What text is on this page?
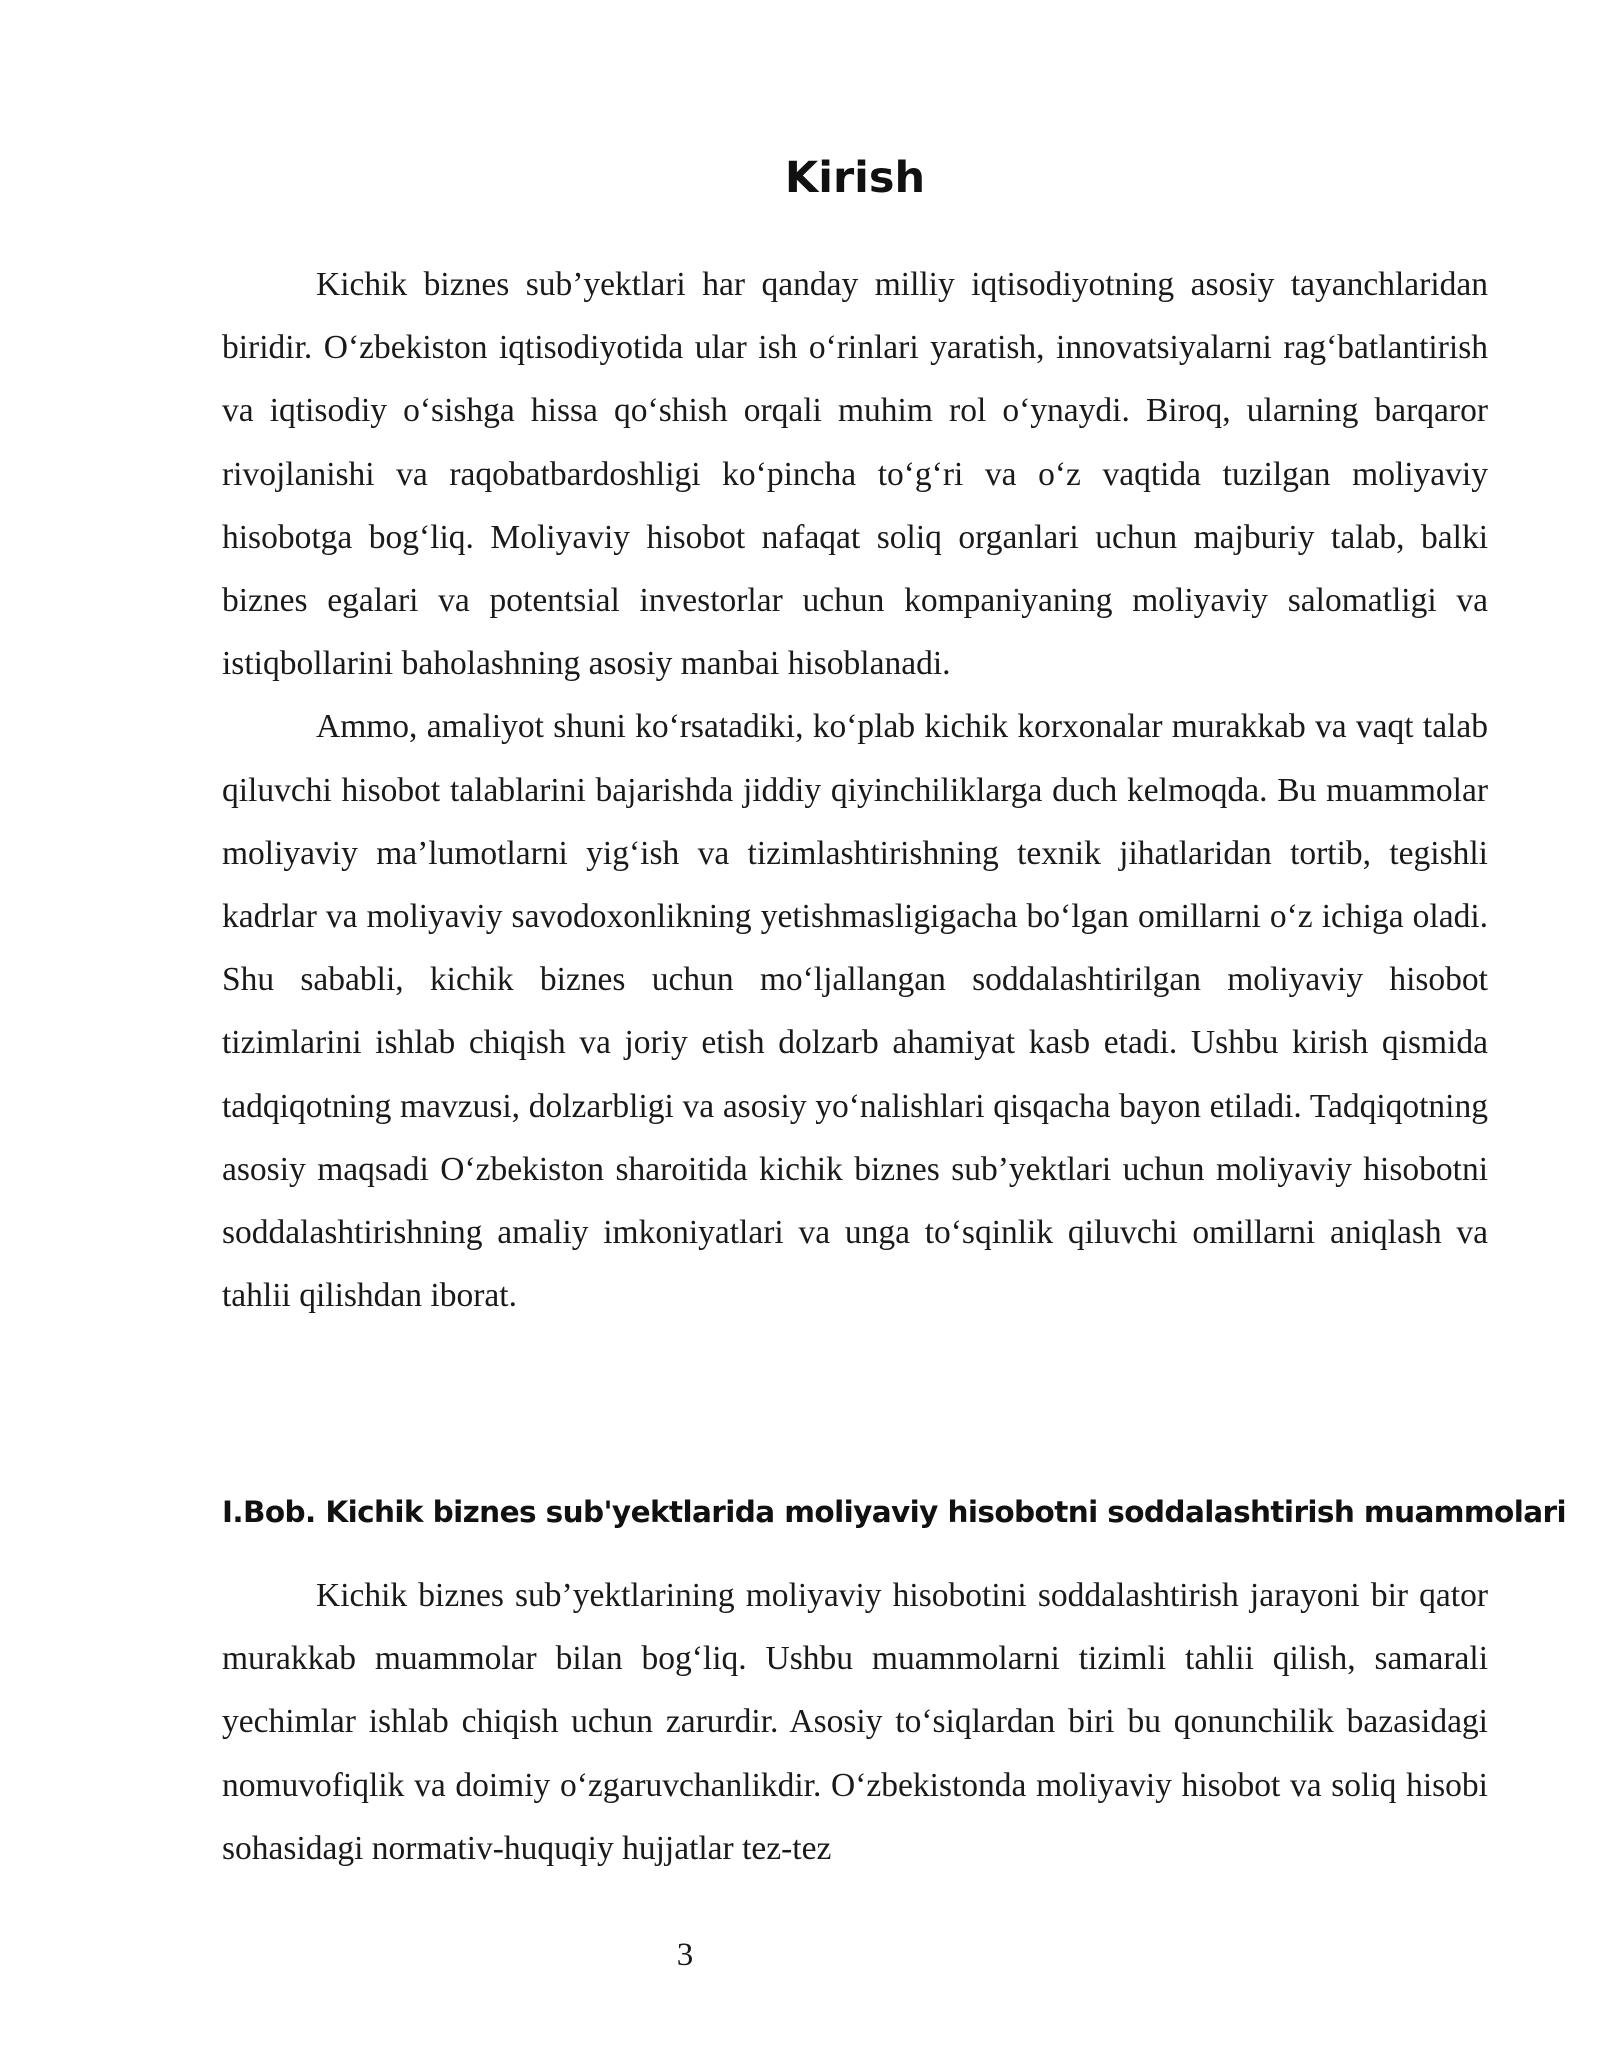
Kirish

Kichik biznes sub’yektlari har qanday milliy iqtisodiyotning asosiy tayanchlaridan biridir. O‘zbekiston iqtisodiyotida ular ish o‘rinlari yaratish, innovatsiyalarni rag‘batlantirish va iqtisodiy o‘sishga hissa qo‘shish orqali muhim rol o‘ynaydi. Biroq, ularning barqaror rivojlanishi va raqobatbardoshligi ko‘pincha to‘g‘ri va o‘z vaqtida tuzilgan moliyaviy hisobotga bog‘liq. Moliyaviy hisobot nafaqat soliq organlari uchun majburiy talab, balki biznes egalari va potentsial investorlar uchun kompaniyaning moliyaviy salomatligi va istiqbollarini baholashning asosiy manbai hisoblanadi.

Ammo, amaliyot shuni ko‘rsatadiki, ko‘plab kichik korxonalar murakkab va vaqt talab qiluvchi hisobot talablarini bajarishda jiddiy qiyinchiliklarga duch kelmoqda. Bu muammolar moliyaviy ma’lumotlarni yig‘ish va tizimlashtirishning texnik jihatlaridan tortib, tegishli kadrlar va moliyaviy savodoxonlikning yetishmasligigacha bo‘lgan omillarni o‘z ichiga oladi. Shu sababli, kichik biznes uchun mo‘ljallangan soddalashtirilgan moliyaviy hisobot tizimlarini ishlab chiqish va joriy etish dolzarb ahamiyat kasb etadi. Ushbu kirish qismida tadqiqotning mavzusi, dolzarbligi va asosiy yo‘nalishlari qisqacha bayon etiladi. Tadqiqotning asosiy maqsadi O‘zbekiston sharoitida kichik biznes sub’yektlari uchun moliyaviy hisobotni soddalashtirishning amaliy imkoniyatlari va unga to‘sqinlik qiluvchi omillarni aniqlash va tahlii qilishdan iborat.

I.Bob. Kichik biznes sub'yektlarida moliyaviy hisobotni soddalashtirish muammolari

Kichik biznes sub’yektlarining moliyaviy hisobotini soddalashtirish jarayoni bir qator murakkab muammolar bilan bog‘liq. Ushbu muammolarni tizimli tahlii qilish, samarali yechimlar ishlab chiqish uchun zarurdir. Asosiy to‘siqlardan biri bu qonunchilik bazasidagi nomuvofiqlik va doimiy o‘zgaruvchanlikdir. O‘zbekistonda moliyaviy hisobot va soliq hisobi sohasidagi normativ-huquqiy hujjatlar tez-tez

3
